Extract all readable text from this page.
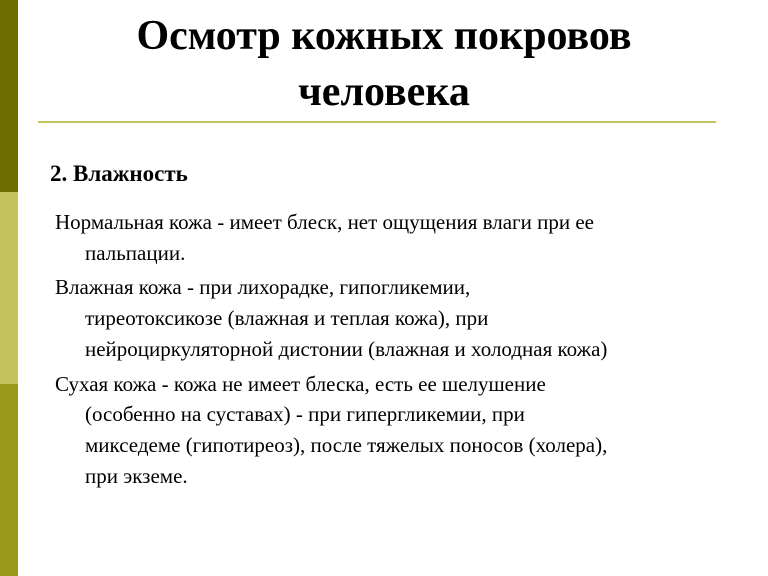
Осмотр кожных покровов
человека
2. Влажность

Нормальная кожа - имеет блеск, нет ощущения влаги при ее
пальпации.

Влажная кожа - при лихорадке, гипогликемии,
тиреотоксикозе (влажная и теплая кожа), при
нейроциркуляторной дистонии (влажная и холодная кожа)

Сухая кожа - кожа не имеет блеска, есть ее шелушение
(особенно на суставах) - при гипергликемии, при
микседеме (гипотиреоз), после тяжелых поносов (холера),
при экземе.
